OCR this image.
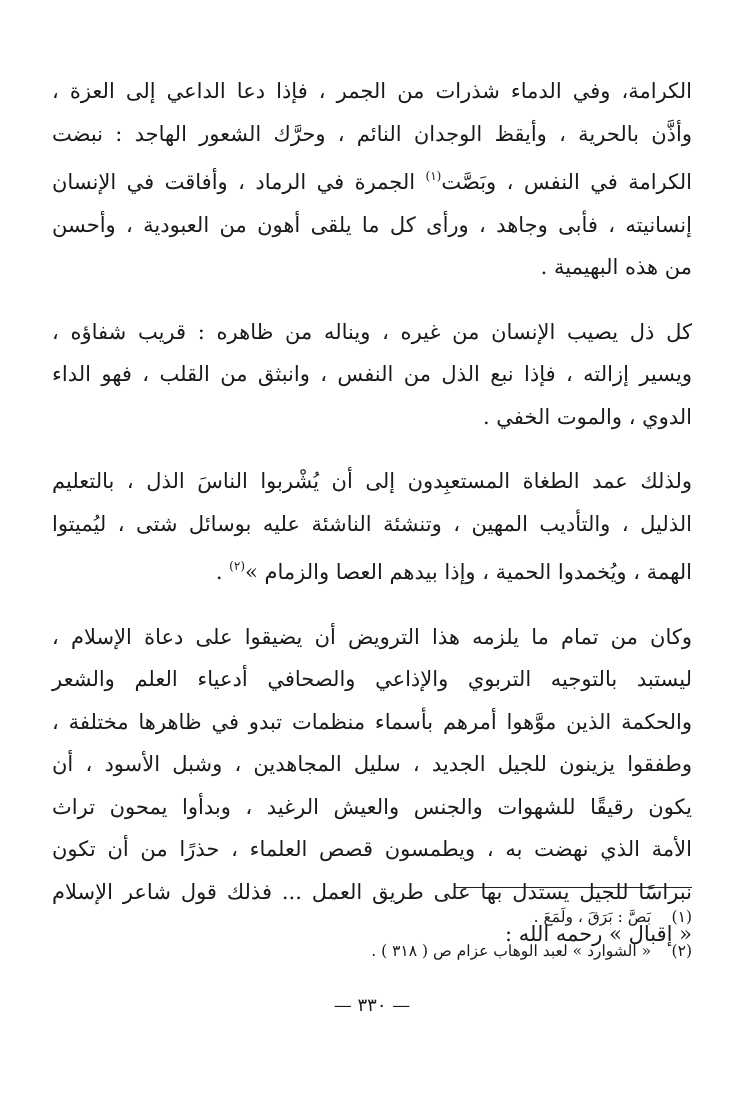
الكرامة، وفي الدماء شذرات من الجمر ، فإذا دعا الداعي إلى العزة ،
وأذَّن بالحرية ، وأيقظ الوجدان النائم ، وحرَّك الشعور الهاجد : نبضت
الكرامة في النفس ، وبَصَّت$^{(١)}$ الجمرة في الرماد ، وأفاقت في الإنسان
إنسانيته ، فأبى وجاهد ، ورأى كل ما يلقى أهون من العبودية ، وأحسن
من هذه البهيمية .

كل ذل يصيب الإنسان من غيره ، ويناله من ظاهره : قريب شفاؤه ،
ويسير إزالته ، فإذا نبع الذل من النفس ، وانبثق من القلب ، فهو الداء
الدوي ، والموت الخفي .

ولذلك عمد الطغاة المستعبِدون إلى أن يُشْربوا الناسَ الذل ، بالتعليم
الذليل ، والتأديب المهين ، وتنشئة الناشئة عليه بوسائل شتى ، ليُميتوا
الهمة ، ويُخمدوا الحمية ، وإذا بيدهم العصا والزمام »$^{(٢)}$ .

وكان من تمام ما يلزمه هذا الترويض أن يضيقوا على دعاة الإسلام ،
ليستبد بالتوجيه التربوي والإذاعي والصحافي أدعياء العلم والشعر
والحكمة الذين موَّهوا أمرهم بأسماء منظمات تبدو في ظاهرها مختلفة ،
وطفقوا يزينون للجيل الجديد ، سليل المجاهدين ، وشبل الأسود ، أن
يكون رقيقًا للشهوات والجنس والعيش الرغيد ، وبدأوا يمحون تراث
الأمة الذي نهضت به ، ويطمسون قصص العلماء ، حذرًا من أن تكون
نبراسًا للجيل يستدل بها على طريق العمل ... فذلك قول شاعر الإسلام
« إقبال » رحمه الله :

(١) بَصَّ : بَرَقَ ، ولَمَعَ .
(٢) « الشوارد » لعبد الوهاب عزام ص ( ٣١٨ ) .
— ٣٣٠ —
